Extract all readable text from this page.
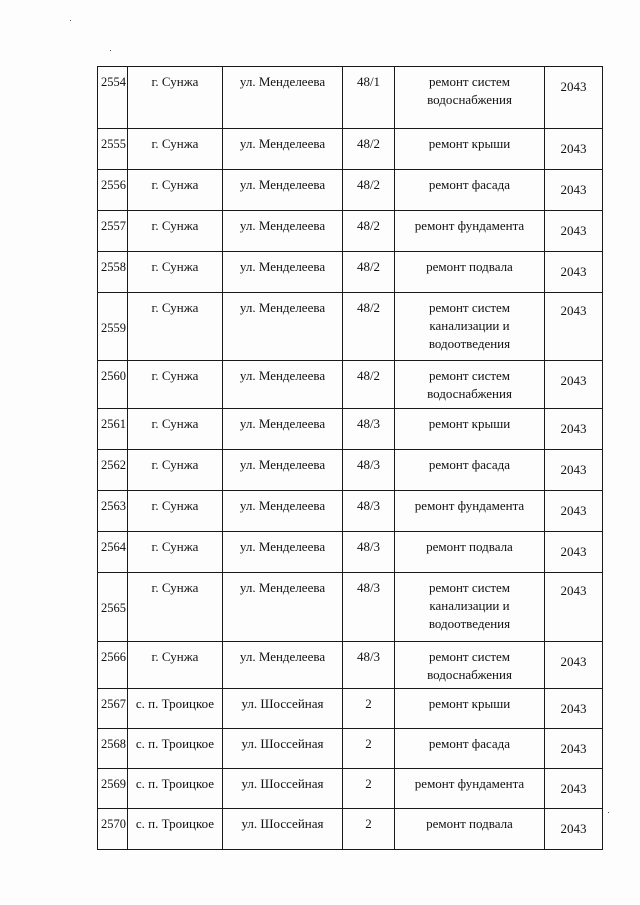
2554	г. Сунжа	ул. Менделеева	48/1	ремонт систем водоснабжения	2043
2555	г. Сунжа	ул. Менделеева	48/2	ремонт крыши	2043
2556	г. Сунжа	ул. Менделеева	48/2	ремонт фасада	2043
2557	г. Сунжа	ул. Менделеева	48/2	ремонт фундамента	2043
2558	г. Сунжа	ул. Менделеева	48/2	ремонт подвала	2043
2559	г. Сунжа	ул. Менделеева	48/2	ремонт систем канализации и водоотведения	2043
2560	г. Сунжа	ул. Менделеева	48/2	ремонт систем водоснабжения	2043
2561	г. Сунжа	ул. Менделеева	48/3	ремонт крыши	2043
2562	г. Сунжа	ул. Менделеева	48/3	ремонт фасада	2043
2563	г. Сунжа	ул. Менделеева	48/3	ремонт фундамента	2043
2564	г. Сунжа	ул. Менделеева	48/3	ремонт подвала	2043
2565	г. Сунжа	ул. Менделеева	48/3	ремонт систем канализации и водоотведения	2043
2566	г. Сунжа	ул. Менделеева	48/3	ремонт систем водоснабжения	2043
2567	с. п. Троицкое	ул. Шоссейная	2	ремонт крыши	2043
2568	с. п. Троицкое	ул. Шоссейная	2	ремонт фасада	2043
2569	с. п. Троицкое	ул. Шоссейная	2	ремонт фундамента	2043
2570	с. п. Троицкое	ул. Шоссейная	2	ремонт подвала	2043
